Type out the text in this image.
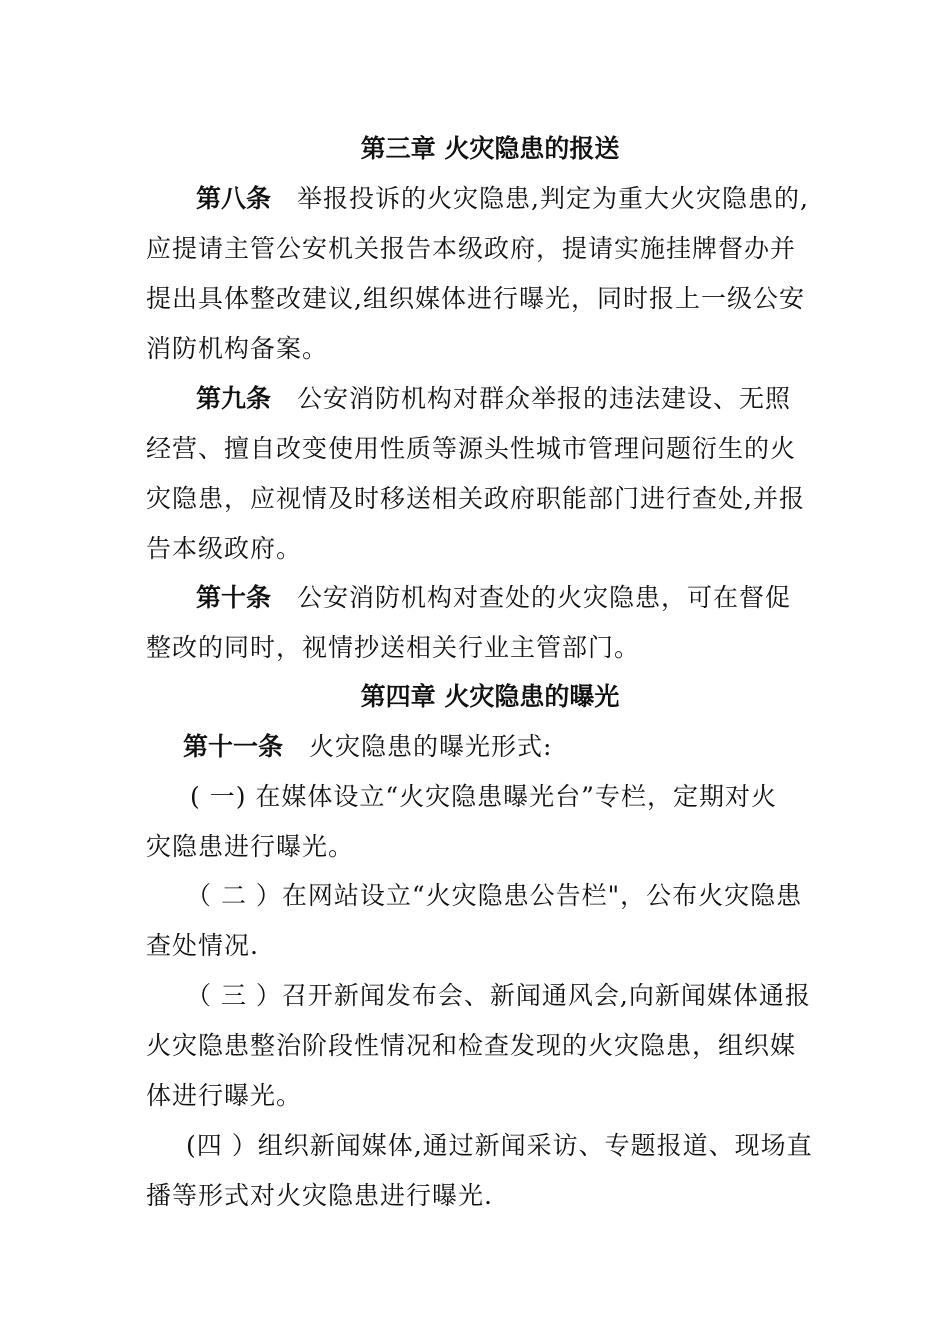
第三章 火灾隐患的报送
第八条 举报投诉的火灾隐患,判定为重大火灾隐患的,
应提请主管公安机关报告本级政府，提请实施挂牌督办并
提出具体整改建议,组织媒体进行曝光，同时报上一级公安
消防机构备案。
第九条 公安消防机构对群众举报的违法建设、无照
经营、擅自改变使用性质等源头性城市管理问题衍生的火
灾隐患，应视情及时移送相关政府职能部门进行查处,并报
告本级政府。
第十条 公安消防机构对查处的火灾隐患，可在督促
整改的同时，视情抄送相关行业主管部门。
第四章 火灾隐患的曝光
第十一条 火灾隐患的曝光形式:
( 一) 在媒体设立“火灾隐患曝光台”专栏，定期对火
灾隐患进行曝光。
（ 二 ）在网站设立“火灾隐患公告栏"，公布火灾隐患
查处情况.
（ 三 ）召开新闻发布会、新闻通风会,向新闻媒体通报
火灾隐患整治阶段性情况和检查发现的火灾隐患，组织媒
体进行曝光。
(四 ）组织新闻媒体,通过新闻采访、专题报道、现场直
播等形式对火灾隐患进行曝光.
